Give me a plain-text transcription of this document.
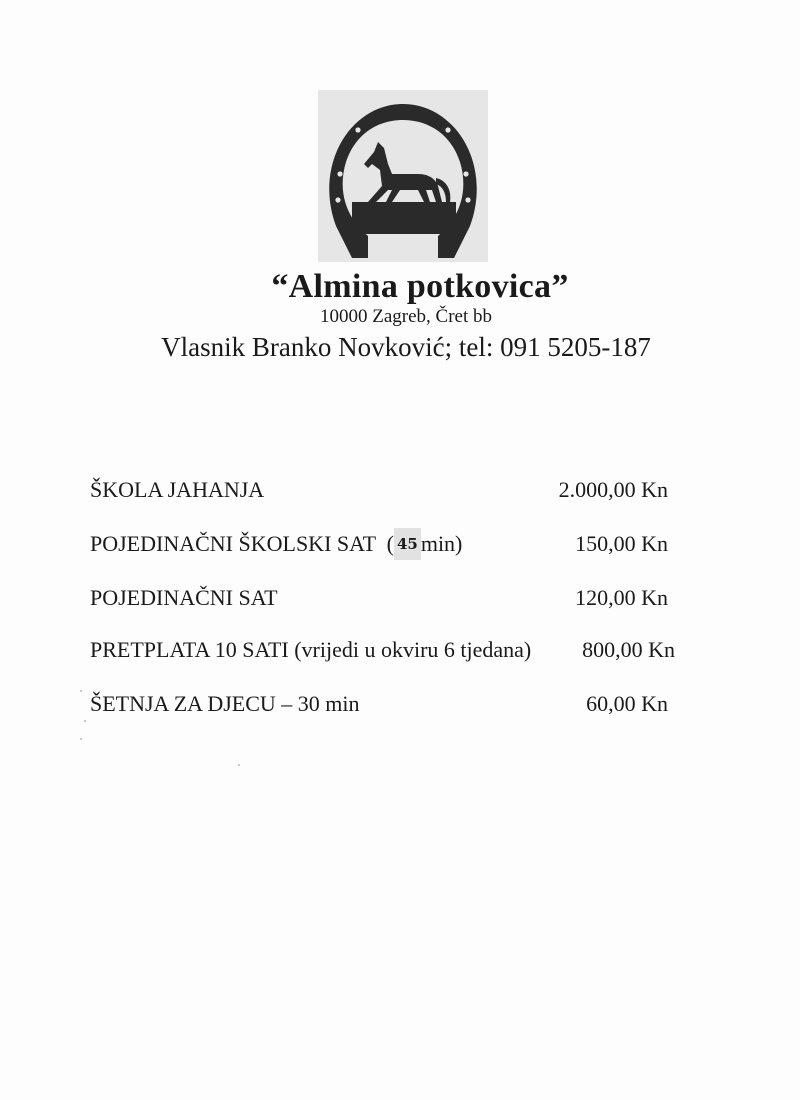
“Almina potkovica”
10000 Zagreb, Čret bb
Vlasnik Branko Novković; tel: 091 5205-187
ŠKOLA JAHANJA	2.000,00 Kn
POJEDINAČNI ŠKOLSKI SAT  ( 45 min)	150,00 Kn
POJEDINAČNI SAT	120,00 Kn
PRETPLATA 10 SATI (vrijedi u okviru 6 tjedana) 800,00 Kn
ŠETNJA ZA DJECU – 30 min	60,00 Kn
